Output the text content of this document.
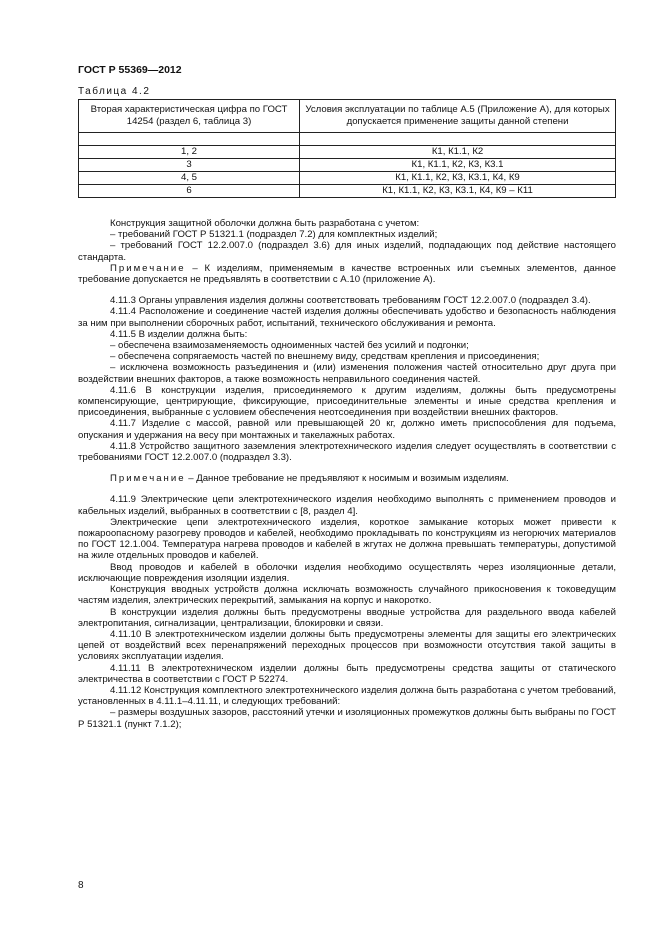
ГОСТ Р 55369—2012
Таблица 4.2
Вторая характеристическая цифра по ГОСТ 14254 (раздел 6, таблица 3)	Условия эксплуатации по таблице А.5 (Приложение А), для которых допускается применение защиты данной степени

1, 2	К1, К1.1, К2
3	К1, К1.1, К2, К3, К3.1
4, 5	К1, К1.1, К2, К3, К3.1, К4, К9
6	К1, К1.1, К2, К3, К3.1, К4, К9 – К11

Конструкция защитной оболочки должна быть разработана с учетом:

– требований ГОСТ Р 51321.1 (подраздел 7.2) для комплектных изделий;

– требований ГОСТ 12.2.007.0 (подраздел 3.6) для иных изделий, подпадающих под действие настоящего стандарта.

Примечание – К изделиям, применяемым в качестве встроенных или съемных элементов, данное требование допускается не предъявлять в соответствии с А.10 (приложение А).

4.11.3 Органы управления изделия должны соответствовать требованиям ГОСТ 12.2.007.0 (подраздел 3.4).

4.11.4 Расположение и соединение частей изделия должны обеспечивать удобство и безопасность наблюдения за ним при выполнении сборочных работ, испытаний, технического обслуживания и ремонта.

4.11.5 В изделии должна быть:

– обеспечена взаимозаменяемость одноименных частей без усилий и подгонки;

– обеспечена сопрягаемость частей по внешнему виду, средствам крепления и присоединения;

– исключена возможность разъединения и (или) изменения положения частей относительно друг друга при воздействии внешних факторов, а также возможность неправильного соединения частей.

4.11.6 В конструкции изделия, присоединяемого к другим изделиям, должны быть предусмотрены компенсирующие, центрирующие, фиксирующие, присоединительные элементы и иные средства крепления и присоединения, выбранные с условием обеспечения неотсоединения при воздействии внешних факторов.

4.11.7 Изделие с массой, равной или превышающей 20 кг, должно иметь приспособления для подъема, опускания и удержания на весу при монтажных и такелажных работах.

4.11.8 Устройство защитного заземления электротехнического изделия следует осуществлять в соответствии с требованиями ГОСТ 12.2.007.0 (подраздел 3.3).

Примечание – Данное требование не предъявляют к носимым и возимым изделиям.

4.11.9 Электрические цепи электротехнического изделия необходимо выполнять с применением проводов и кабельных изделий, выбранных в соответствии с [8, раздел 4].

Электрические цепи электротехнического изделия, короткое замыкание которых может привести к пожароопасному разогреву проводов и кабелей, необходимо прокладывать по конструкциям из негорючих материалов по ГОСТ 12.1.004. Температура нагрева проводов и кабелей в жгутах не должна превышать температуры, допустимой на жиле отдельных проводов и кабелей.

Ввод проводов и кабелей в оболочки изделия необходимо осуществлять через изоляционные детали, исключающие повреждения изоляции изделия.

Конструкция вводных устройств должна исключать возможность случайного прикосновения к токоведущим частям изделия, электрических перекрытий, замыкания на корпус и накоротко.

В конструкции изделия должны быть предусмотрены вводные устройства для раздельного ввода кабелей электропитания, сигнализации, централизации, блокировки и связи.

4.11.10 В электротехническом изделии должны быть предусмотрены элементы для защиты его электрических цепей от воздействий всех перенапряжений переходных процессов при возможности отсутствия такой защиты в условиях эксплуатации изделия.

4.11.11 В электротехническом изделии должны быть предусмотрены средства защиты от статического электричества в соответствии с ГОСТ Р 52274.

4.11.12 Конструкция комплектного электротехнического изделия должна быть разработана с учетом требований, установленных в 4.11.1–4.11.11, и следующих требований:

– размеры воздушных зазоров, расстояний утечки и изоляционных промежутков должны быть выбраны по ГОСТ Р 51321.1 (пункт 7.1.2);

8
